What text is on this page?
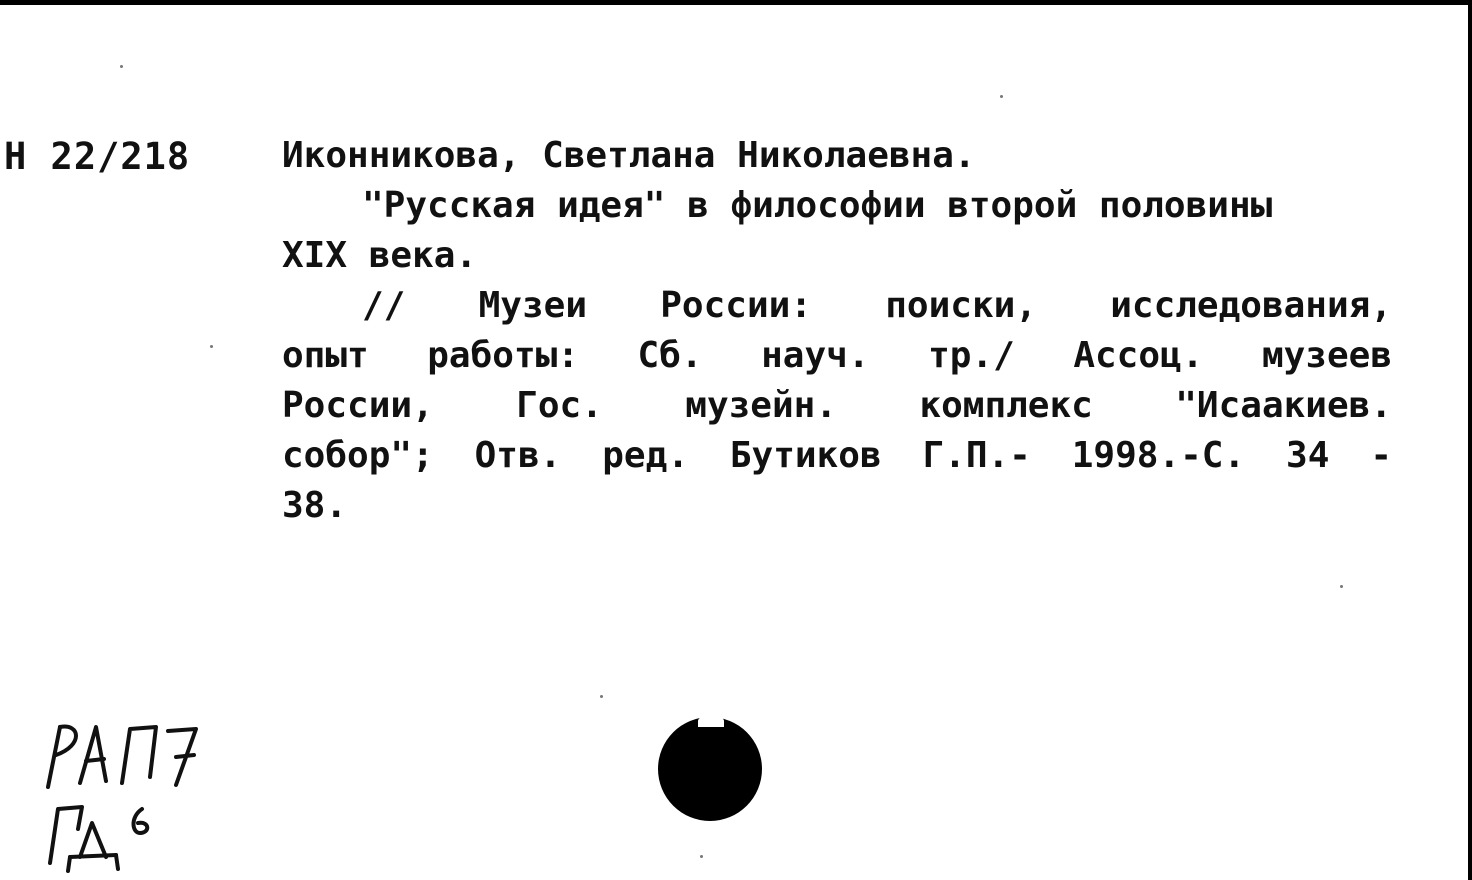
Н 22/218	Иконникова, Светлана Николаевна.
"Русская идея" в философии второй половины
XIX века.
// Музеи России: поиски, исследования,
опыт работы: Сб. науч. тр./ Ассоц. музеев
России, Гос. музейн. комплекс "Исаакиев.
собор"; Отв. ред. Бутиков Г.П.- 1998.-С. 34 -
38.
